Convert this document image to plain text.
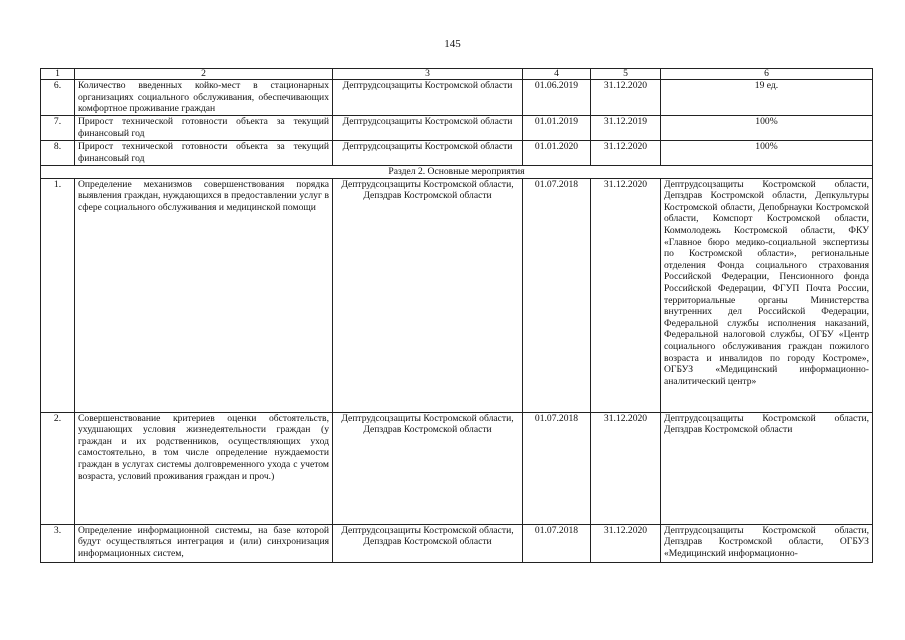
145
1	2	3	4	5	6
6.	Количество введенных койко-мест в стационарных организациях социального обслуживания, обеспечивающих комфортное проживание граждан	Дептрудсоцзащиты Костромской области	01.06.2019	31.12.2020	19 ед.
7.	Прирост технической готовности объекта за текущий финансовый год	Дептрудсоцзащиты Костромской области	01.01.2019	31.12.2019	100%
8.	Прирост технической готовности объекта за текущий финансовый год	Дептрудсоцзащиты Костромской области	01.01.2020	31.12.2020	100%
Раздел 2. Основные мероприятия					
1.	Определение механизмов совершенствования порядка выявления граждан, нуждающихся в предоставлении услуг в сфере социального обслуживания и медицинской помощи	Дептрудсоцзащиты Костромской области, Депздрав Костромской области	01.07.2018	31.12.2020	Дептрудсоцзащиты Костромской области, Депздрав Костромской области, Депкультуры Костромской области, Депобрнауки Костромской области, Комспорт Костромской области, Коммолодежь Костромской области, ФКУ «Главное бюро медико-социальной экспертизы по Костромской области», региональные отделения Фонда социального страхования Российской Федерации, Пенсионного фонда Российской Федерации, ФГУП Почта России, территориальные органы Министерства внутренних дел Российской Федерации, Федеральной службы исполнения наказаний, Федеральной налоговой службы, ОГБУ «Центр социального обслуживания граждан пожилого возраста и инвалидов по городу Костроме», ОГБУЗ «Медицинский информационно-аналитический центр»
2.	Совершенствование критериев оценки обстоятельств, ухудшающих условия жизнедеятельности граждан (у граждан и их родственников, осуществляющих уход самостоятельно, в том числе определение нуждаемости граждан в услугах системы долговременного ухода с учетом возраста, условий проживания граждан и проч.)	Дептрудсоцзащиты Костромской области, Депздрав Костромской области	01.07.2018	31.12.2020	Дептрудсоцзащиты Костромской области, Депздрав Костромской области
3.	Определение информационной системы, на базе которой будут осуществляться интеграция и (или) синхронизация информационных систем,	Дептрудсоцзащиты Костромской области, Депздрав Костромской области	01.07.2018	31.12.2020	Дептрудсоцзащиты Костромской области, Депздрав Костромской области, ОГБУЗ «Медицинский информационно-
